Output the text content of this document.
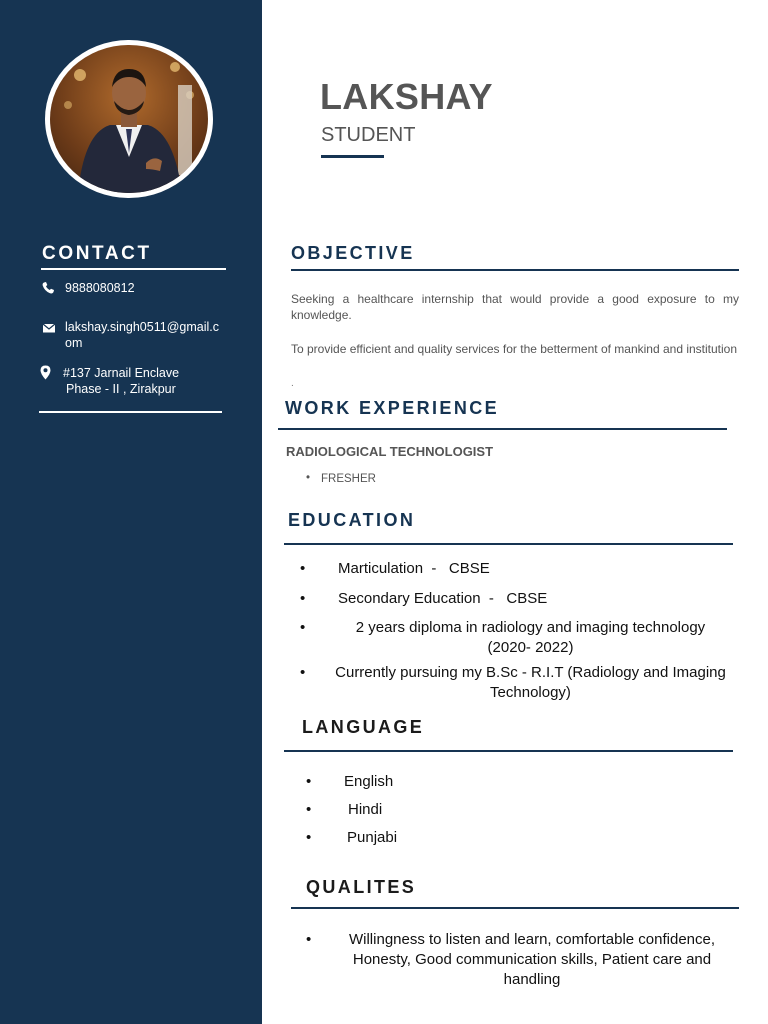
CONTACT
9888080812
lakshay.singh0511@gmail.c
om
#137 Jarnail Enclave
Phase - II , Zirakpur
LAKSHAY
STUDENT
OBJECTIVE
Seeking a healthcare internship that would provide a good exposure to my knowledge.
To provide efficient and quality services for the betterment of mankind and institution
.
WORK EXPERIENCE
RADIOLOGICAL TECHNOLOGIST
• FRESHER
EDUCATION
• Marticulation  -   CBSE
• Secondary Education  -   CBSE
•	2 years diploma in radiology and imaging technology
(2020- 2022)
•	Currently pursuing my B.Sc - R.I.T (Radiology and Imaging
Technology)
LANGUAGE
• English
• Hindi
• Punjabi
QUALITES
•	Willingness to listen and learn, comfortable confidence,
Honesty, Good communication skills, Patient care and
handling
